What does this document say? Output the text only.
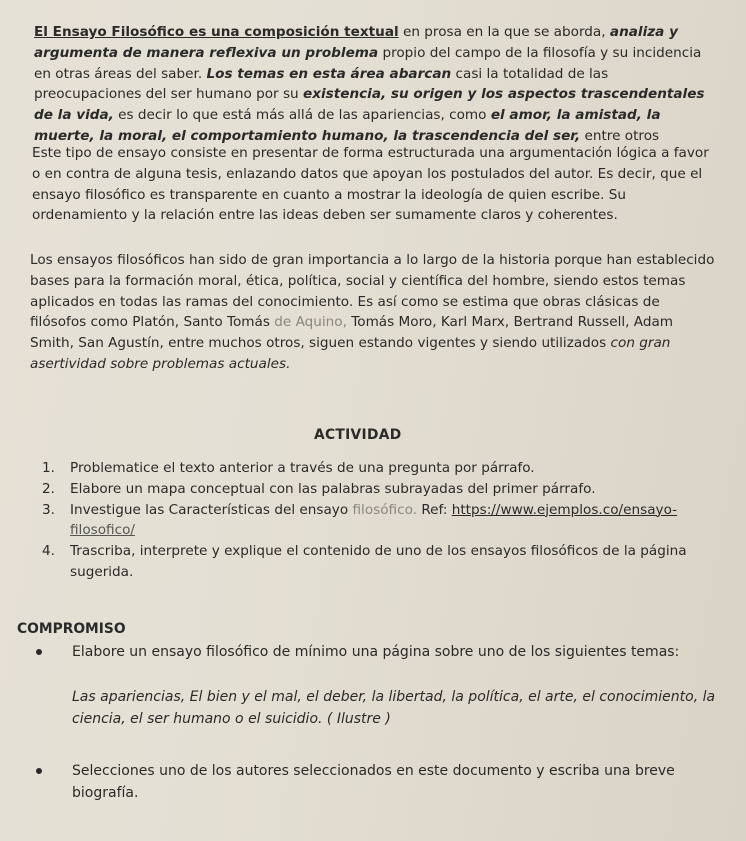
El Ensayo Filosófico es una composición textual en prosa en la que se aborda, analiza y argumenta de manera reflexiva un problema propio del campo de la filosofía y su incidencia en otras áreas del saber. Los temas en esta área abarcan casi la totalidad de las preocupaciones del ser humano por su existencia, su origen y los aspectos trascendentales de la vida, es decir lo que está más allá de las apariencias, como el amor, la amistad, la muerte, la moral, el comportamiento humano, la trascendencia del ser, entre otros

Este tipo de ensayo consiste en presentar de forma estructurada una argumentación lógica a favor o en contra de alguna tesis, enlazando datos que apoyan los postulados del autor. Es decir, que el ensayo filosófico es transparente en cuanto a mostrar la ideología de quien escribe. Su ordenamiento y la relación entre las ideas deben ser sumamente claros y coherentes.

Los ensayos filosóficos han sido de gran importancia a lo largo de la historia porque han establecido bases para la formación moral, ética, política, social y científica del hombre, siendo estos temas aplicados en todas las ramas del conocimiento. Es así como se estima que obras clásicas de filósofos como Platón, Santo Tomás de Aquino, Tomás Moro, Karl Marx, Bertrand Russell, Adam Smith, San Agustín, entre muchos otros, siguen estando vigentes y siendo utilizados con gran asertividad sobre problemas actuales.

ACTIVIDAD
1. Problematice el texto anterior a través de una pregunta por párrafo.
2. Elabore un mapa conceptual con las palabras subrayadas del primer párrafo.
3. Investigue las Características del ensayo filosófico. Ref: https://www.ejemplos.co/ensayo-
filosofico/
4. Trascriba, interprete y explique el contenido de uno de los ensayos filosóficos de la página
sugerida.
COMPROMISO
Elabore un ensayo filosófico de mínimo una página sobre uno de los siguientes temas:

Las apariencias, El bien y el mal, el deber, la libertad, la política, el arte, el conocimiento, la ciencia, el ser humano o el suicidio. ( Ilustre )

Selecciones uno de los autores seleccionados en este documento y escriba una breve biografía.
